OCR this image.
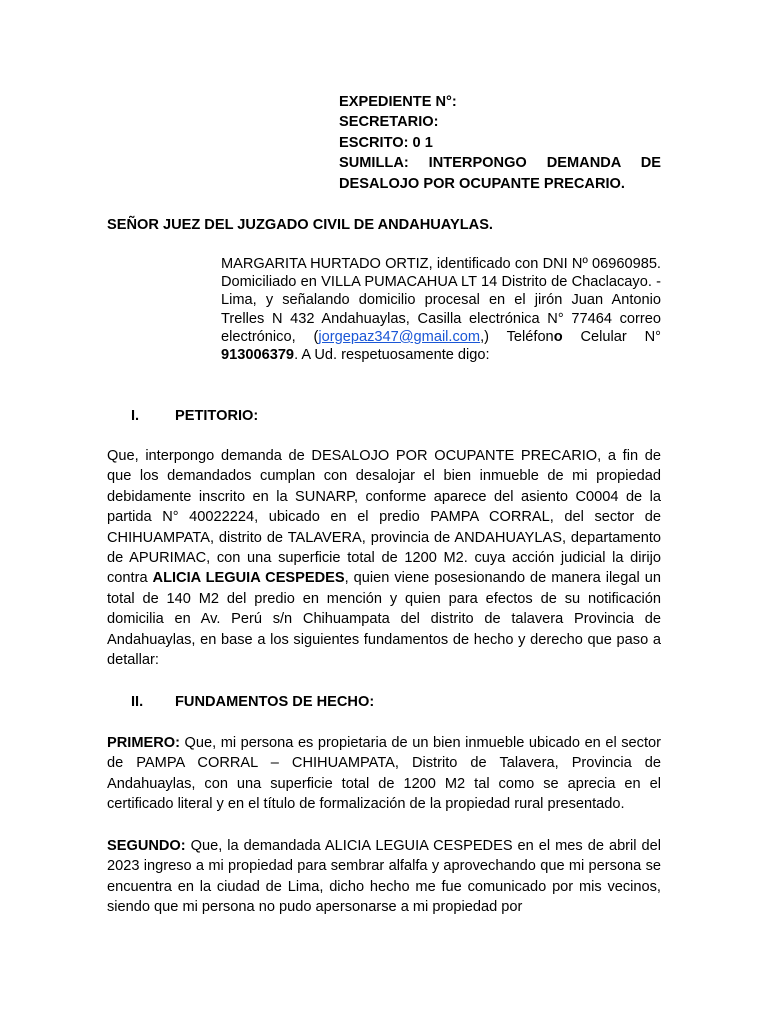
EXPEDIENTE N°:
SECRETARIO:
ESCRITO: 0 1
SUMILLA: INTERPONGO DEMANDA DE
DESALOJO POR OCUPANTE PRECARIO.
SEÑOR JUEZ DEL JUZGADO CIVIL DE ANDAHUAYLAS.
MARGARITA HURTADO ORTIZ, identificado con DNI Nº 06960985. Domiciliado en VILLA PUMACAHUA LT 14 Distrito de Chaclacayo. - Lima, y señalando domicilio procesal en el jirón Juan Antonio Trelles N 432 Andahuaylas, Casilla electrónica N° 77464 correo electrónico, (jorgepaz347@gmail.com,) Teléfono Celular N° 913006379. A Ud. respetuosamente digo:
I. PETITORIO:
Que, interpongo demanda de DESALOJO POR OCUPANTE PRECARIO, a fin de que los demandados cumplan con desalojar el bien inmueble de mi propiedad debidamente inscrito en la SUNARP, conforme aparece del asiento C0004 de la partida N° 40022224, ubicado en el predio PAMPA CORRAL, del sector de CHIHUAMPATA, distrito de TALAVERA, provincia de ANDAHUAYLAS, departamento de APURIMAC, con una superficie total de 1200 M2. cuya acción judicial la dirijo contra ALICIA LEGUIA CESPEDES, quien viene posesionando de manera ilegal un total de 140 M2 del predio en mención y quien para efectos de su notificación domicilia en Av. Perú s/n Chihuampata del distrito de talavera Provincia de Andahuaylas, en base a los siguientes fundamentos de hecho y derecho que paso a detallar:
II. FUNDAMENTOS DE HECHO:
PRIMERO: Que, mi persona es propietaria de un bien inmueble ubicado en el sector de PAMPA CORRAL – CHIHUAMPATA, Distrito de Talavera, Provincia de Andahuaylas, con una superficie total de 1200 M2 tal como se aprecia en el certificado literal y en el título de formalización de la propiedad rural presentado.
SEGUNDO: Que, la demandada ALICIA LEGUIA CESPEDES en el mes de abril del 2023 ingreso a mi propiedad para sembrar alfalfa y aprovechando que mi persona se encuentra en la ciudad de Lima, dicho hecho me fue comunicado por mis vecinos, siendo que mi persona no pudo apersonarse a mi propiedad por
